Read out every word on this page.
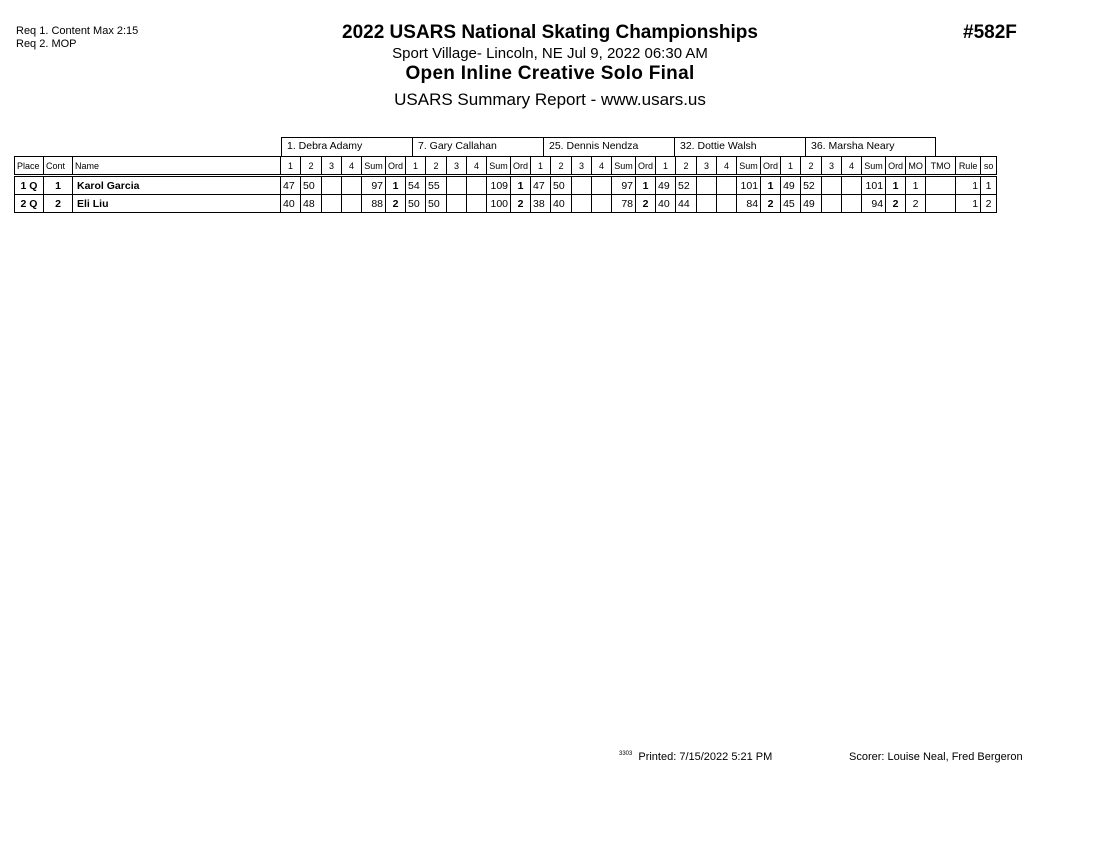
Req 1. Content Max 2:15
Req 2. MOP
2022 USARS National Skating Championships
Sport Village- Lincoln, NE Jul 9, 2022 06:30 AM
Open Inline Creative Solo Final
USARS Summary Report - www.usars.us
#582F
1. Debra Adamy	7. Gary Callahan	25. Dennis Nendza	32. Dottie Walsh	36. Marsha Neary
Place	Cont	Name	1	2	3	4	Sum	Ord	1	2	3	4	Sum	Ord	1	2	3	4	Sum	Ord	1	2	3	4	Sum	Ord	1	2	3	4	Sum	Ord	MO	TMO	Rule	so
1 Q	1	Karol Garcia	47	50			97	1	54	55			109	1	47	50			97	1	49	52			101	1	49	52			101	1	1		1	1
2 Q	2	Eli Liu	40	48			88	2	50	50			100	2	38	40			78	2	40	44			84	2	45	49			94	2	2		1	2
$^{3303}$ Printed: 7/15/2022 5:21 PM	Scorer: Louise Neal, Fred Bergeron
